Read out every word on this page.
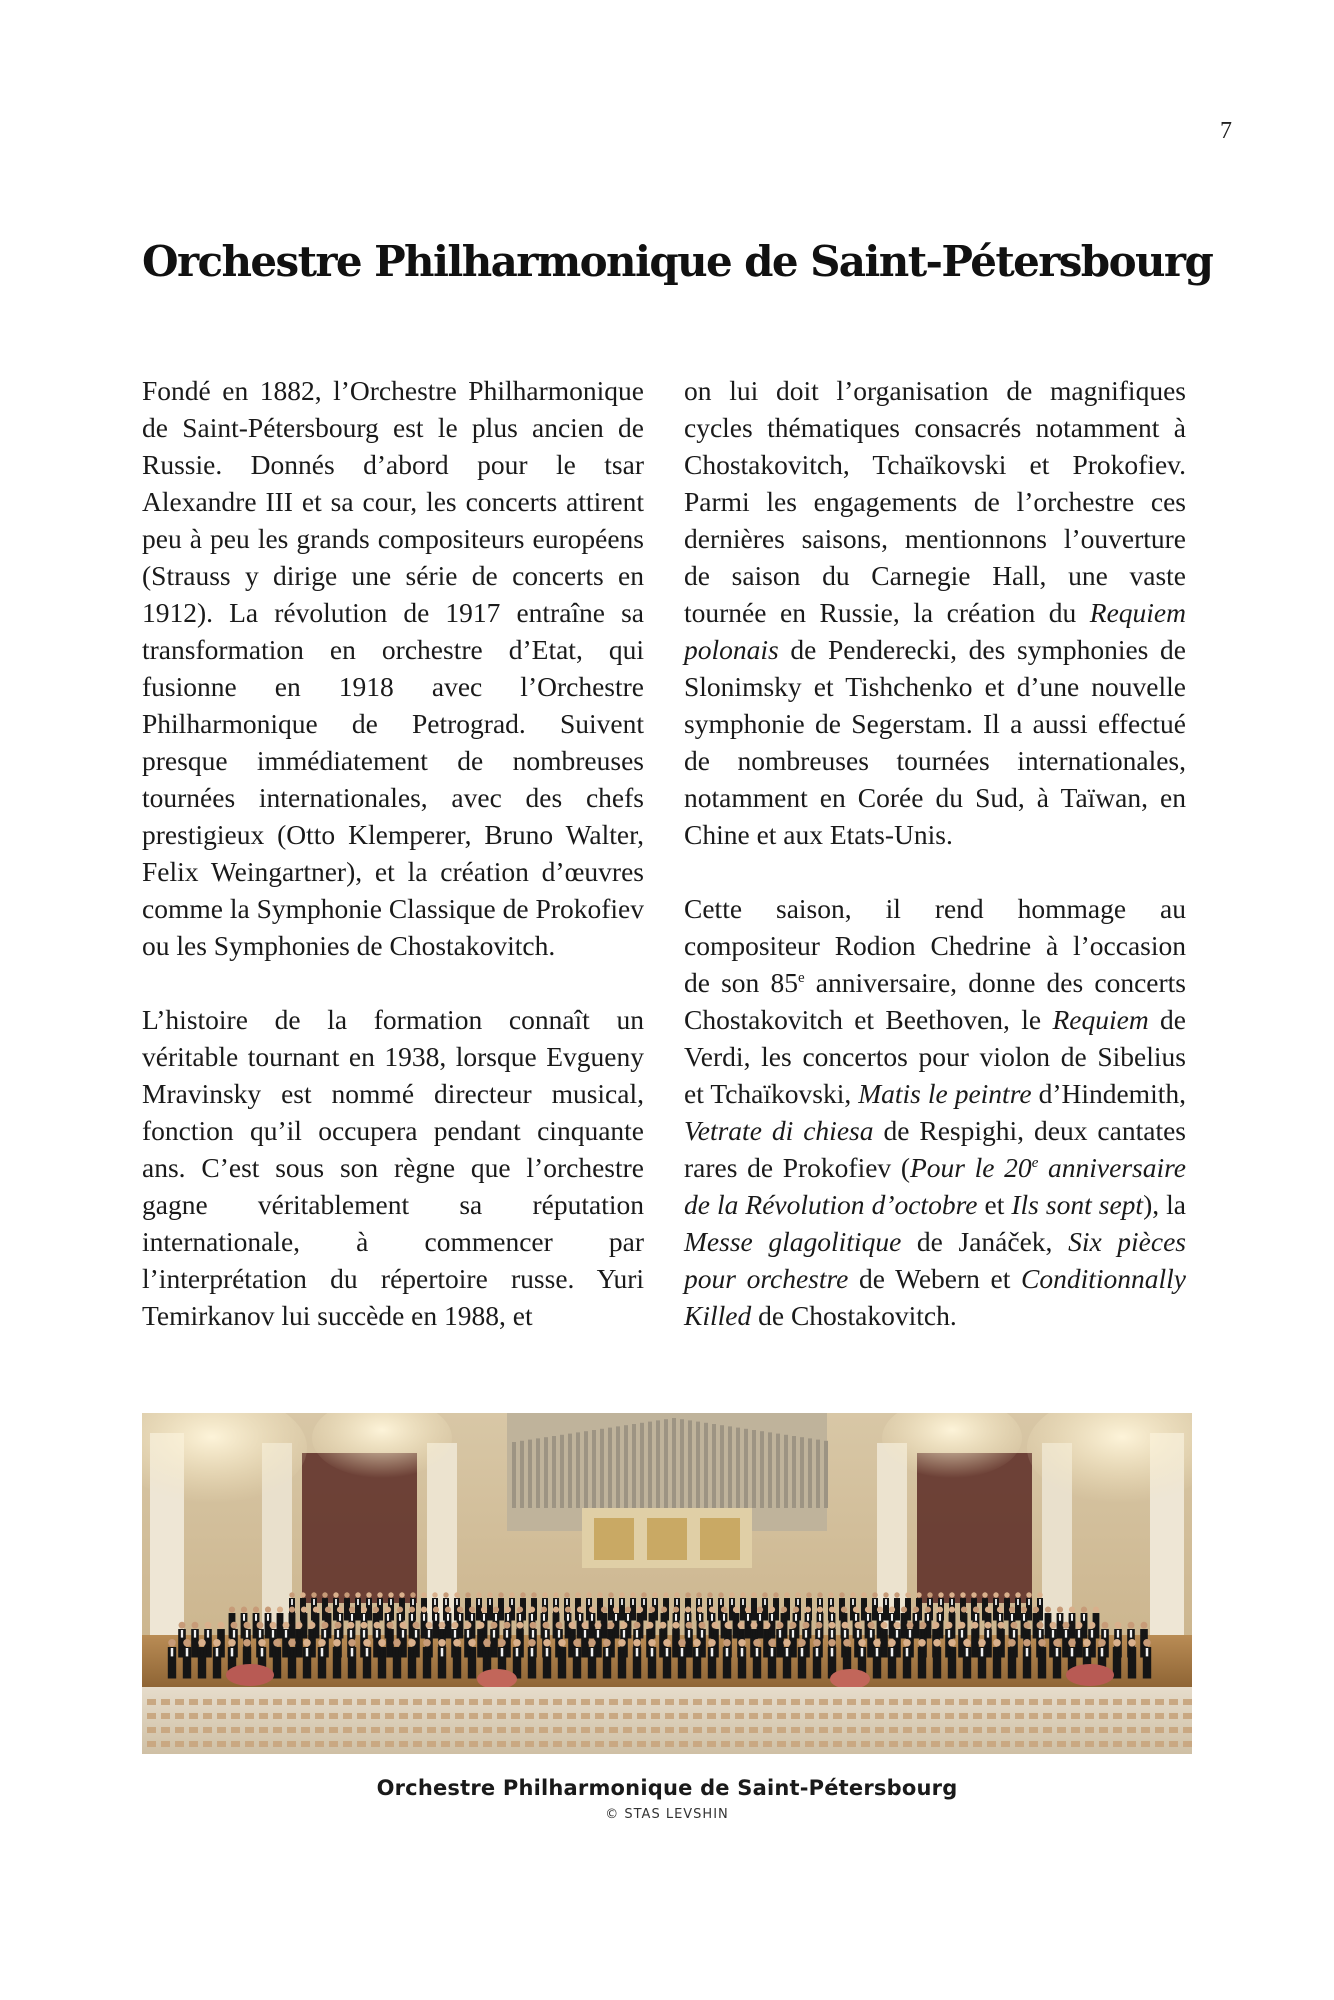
7
Orchestre Philharmonique de Saint-Pétersbourg

Fondé en 1882, l’Orchestre Philharmonique de Saint-Pétersbourg est le plus ancien de Russie. Donnés d’abord pour le tsar Alexandre III et sa cour, les concerts attirent peu à peu les grands compositeurs européens (Strauss y dirige une série de concerts en 1912). La révolution de 1917 entraîne sa transformation en orchestre d’Etat, qui fusionne en 1918 avec l’Orchestre Philharmonique de Petrograd. Suivent presque immédiatement de nombreuses tournées internationales, avec des chefs prestigieux (Otto Klemperer, Bruno Walter, Felix Weingartner), et la création d’œuvres comme la Symphonie Classique de Prokofiev ou les Symphonies de Chostakovitch.

L’histoire de la formation connaît un véritable tournant en 1938, lorsque Evgueny Mravinsky est nommé directeur musical, fonction qu’il occupera pendant cinquante ans. C’est sous son règne que l’orchestre gagne véritablement sa réputation internationale, à commencer par l’interprétation du répertoire russe. Yuri Temirkanov lui succède en 1988, et

on lui doit l’organisation de magnifiques cycles thématiques consacrés notamment à Chostakovitch, Tchaïkovski et Prokofiev. Parmi les engagements de l’orchestre ces dernières saisons, mentionnons l’ouverture de saison du Carnegie Hall, une vaste tournée en Russie, la création du Requiem polonais de Penderecki, des symphonies de Slonimsky et Tishchenko et d’une nouvelle symphonie de Segerstam. Il a aussi effectué de nombreuses tournées internationales, notamment en Corée du Sud, à Taïwan, en Chine et aux Etats-Unis.

Cette saison, il rend hommage au compositeur Rodion Chedrine à l’occasion de son 85e anniversaire, donne des concerts Chostakovitch et Beethoven, le Requiem de Verdi, les concertos pour violon de Sibelius et Tchaïkovski, Matis le peintre d’Hindemith, Vetrate di chiesa de Respighi, deux cantates rares de Prokofiev (Pour le 20e anniversaire de la Révolution d’octobre et Ils sont sept), la Messe glagolitique de Janáček, Six pièces pour orchestre de Webern et Conditionnally Killed de Chostakovitch.

Orchestre Philharmonique de Saint-Pétersbourg
© STAS LEVSHIN
